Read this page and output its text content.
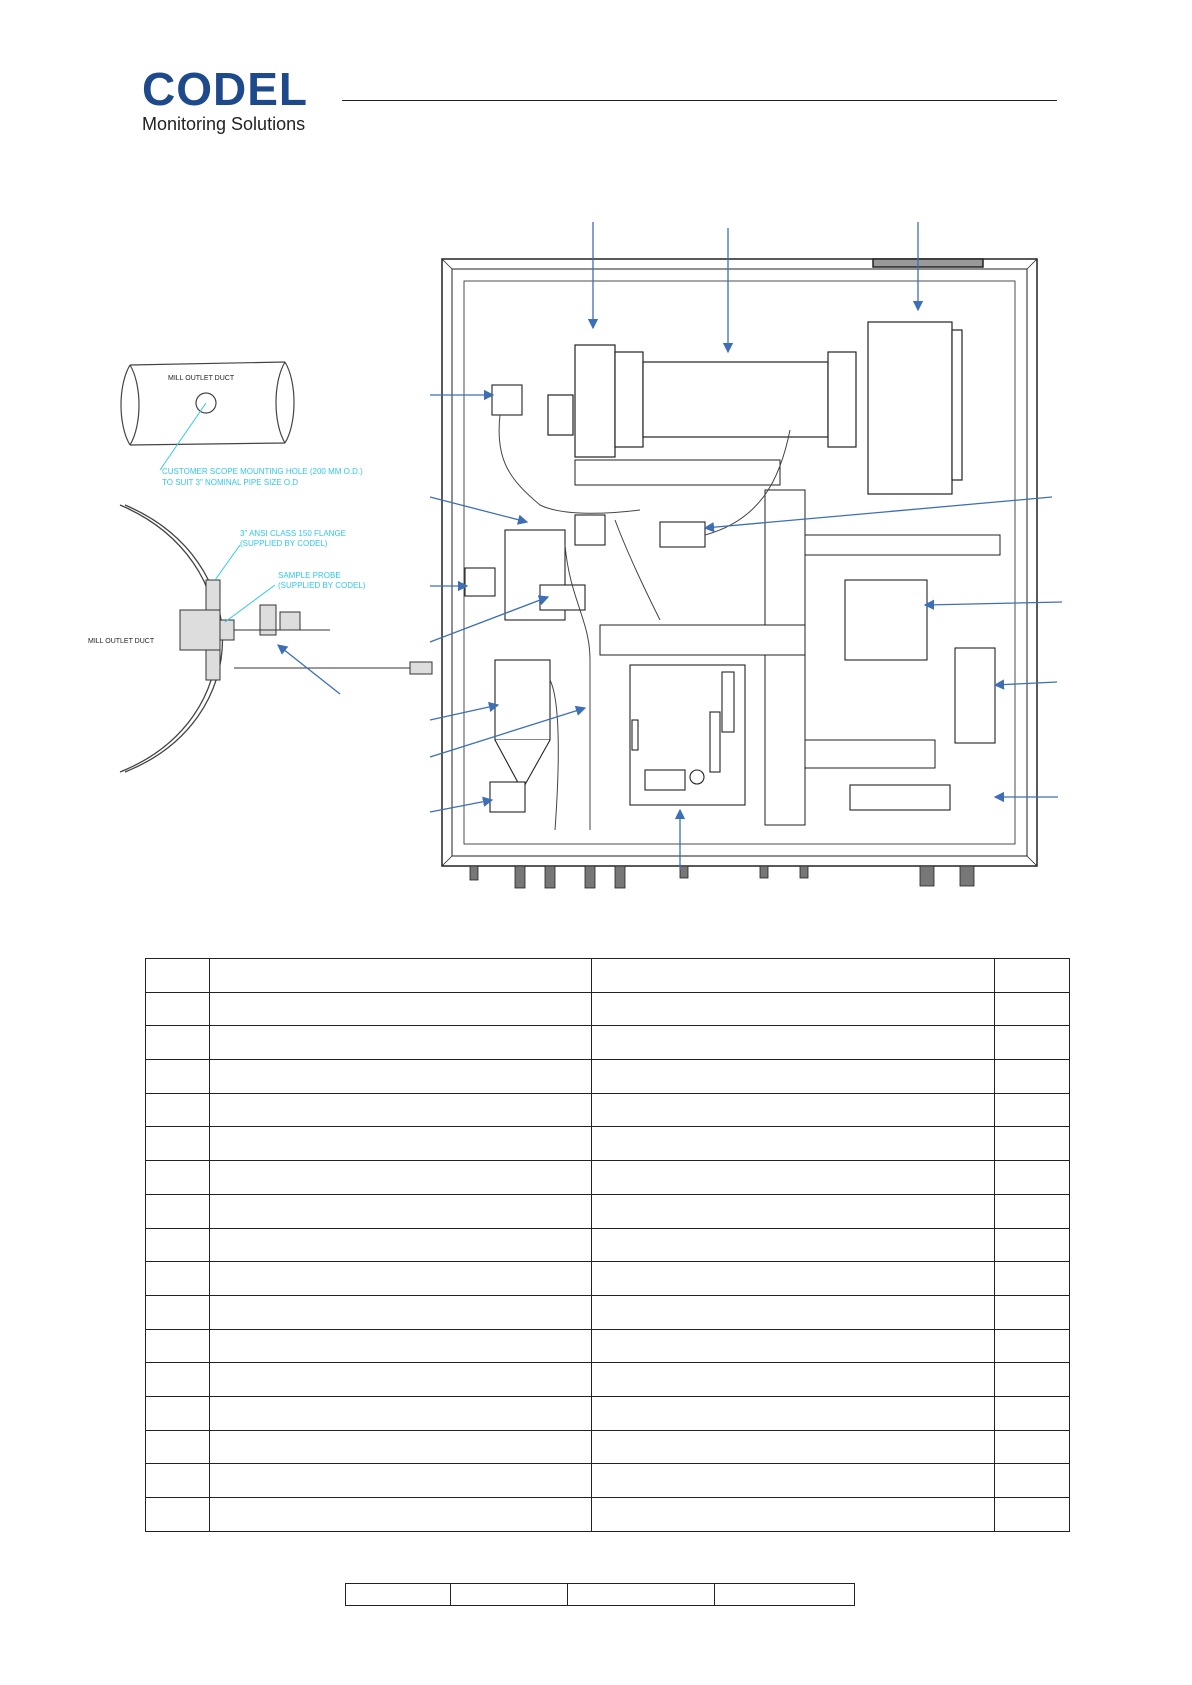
CODEL
Monitoring Solutions
MILL OUTLET DUCT
CUSTOMER SCOPE MOUNTING HOLE (200 MM O.D.)
TO SUIT 3" NOMINAL PIPE SIZE O.D
MILL OUTLET DUCT
3" ANSI CLASS 150 FLANGE
(SUPPLIED BY CODEL)
SAMPLE PROBE
(SUPPLIED BY CODEL)
